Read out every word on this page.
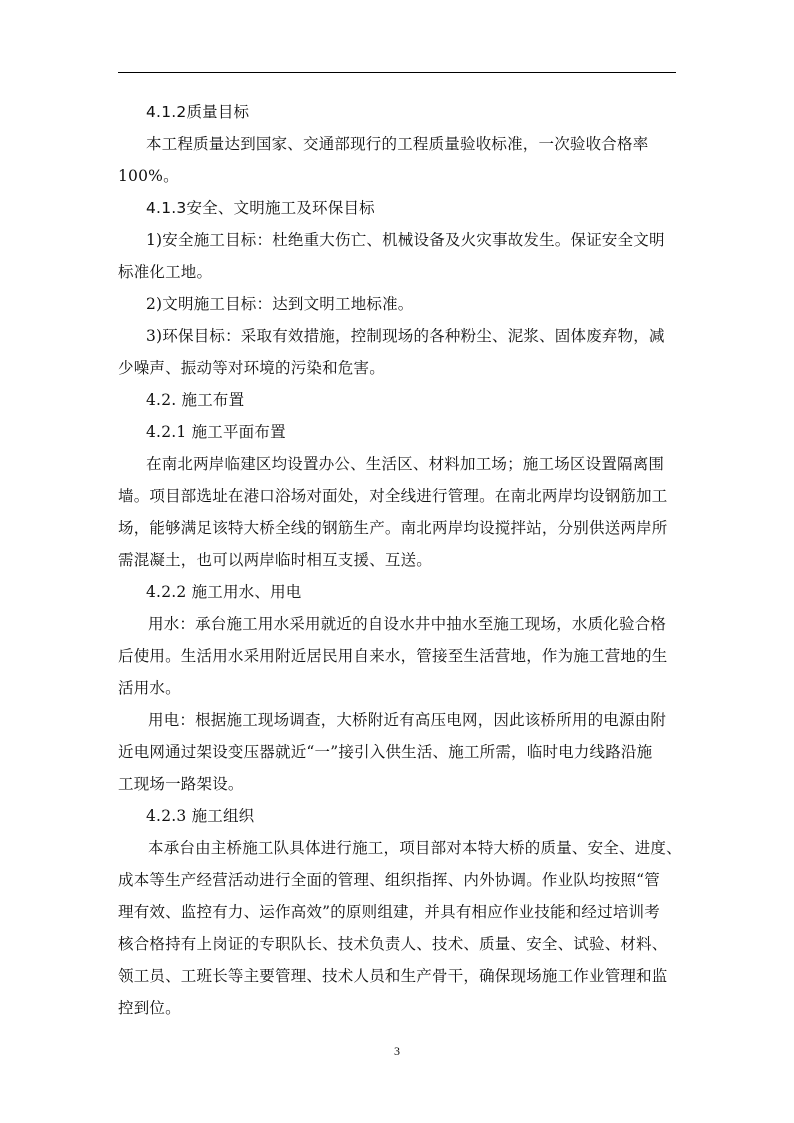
4.1.2质量目标
本工程质量达到国家、交通部现行的工程质量验收标准，一次验收合格率
100%。
4.1.3安全、文明施工及环保目标
1)安全施工目标：杜绝重大伤亡、机械设备及火灾事故发生。保证安全文明
标准化工地。
2)文明施工目标：达到文明工地标准。
3)环保目标：采取有效措施，控制现场的各种粉尘、泥浆、固体废弃物，减
少噪声、振动等对环境的污染和危害。
4.2. 施工布置
4.2.1 施工平面布置
在南北两岸临建区均设置办公、生活区、材料加工场；施工场区设置隔离围
墙。项目部选址在港口浴场对面处，对全线进行管理。在南北两岸均设钢筋加工
场，能够满足该特大桥全线的钢筋生产。南北两岸均设搅拌站，分别供送两岸所
需混凝土，也可以两岸临时相互支援、互送。
4.2.2 施工用水、用电
用水：承台施工用水采用就近的自设水井中抽水至施工现场，水质化验合格
后使用。生活用水采用附近居民用自来水，管接至生活营地，作为施工营地的生
活用水。
用电：根据施工现场调查，大桥附近有高压电网，因此该桥所用的电源由附
近电网通过架设变压器就近“一”接引入供生活、施工所需，临时电力线路沿施
工现场一路架设。
4.2.3 施工组织
本承台由主桥施工队具体进行施工，项目部对本特大桥的质量、安全、进度、
成本等生产经营活动进行全面的管理、组织指挥、内外协调。作业队均按照“管
理有效、监控有力、运作高效”的原则组建，并具有相应作业技能和经过培训考
核合格持有上岗证的专职队长、技术负责人、技术、质量、安全、试验、材料、
领工员、工班长等主要管理、技术人员和生产骨干，确保现场施工作业管理和监
控到位。
3
